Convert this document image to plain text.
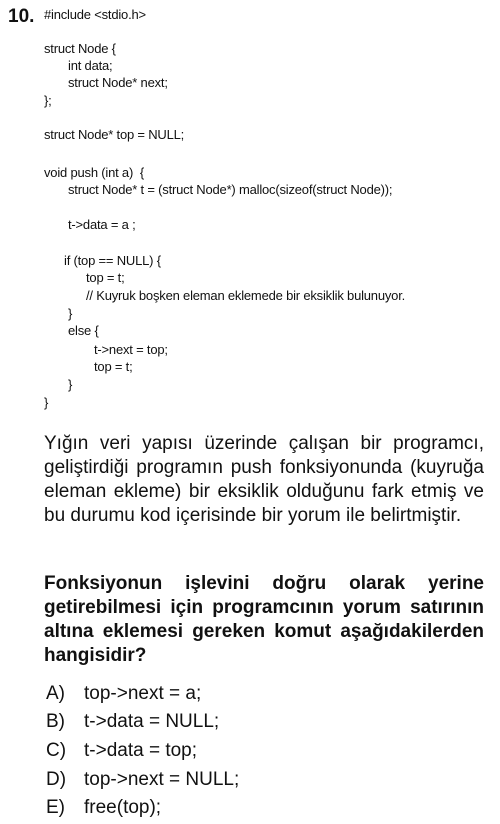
10. #include <stdio.h>
struct Node {
int data;
struct Node* next;
};
struct Node* top = NULL;
void push (int a)  {
struct Node* t = (struct Node*) malloc(sizeof(struct Node));
t->data = a ;
if (top == NULL) {
top = t;
// Kuyruk boşken eleman eklemede bir eksiklik bulunuyor.
}
else {
t->next = top;
top = t;
}
}
Yığın veri yapısı üzerinde çalışan bir programcı, geliştirdiği programın push fonksiyonunda (kuyruğa eleman ekleme) bir eksiklik olduğunu fark etmiş ve bu durumu kod içerisinde bir yorum ile belirtmiştir.
Fonksiyonun işlevini doğru olarak yerine getirebilmesi için programcının yorum satırının altına eklemesi gereken komut aşağıdakilerden hangisidir?
A) top->next = a;
B) t->data = NULL;
C) t->data = top;
D) top->next = NULL;
E) free(top);
